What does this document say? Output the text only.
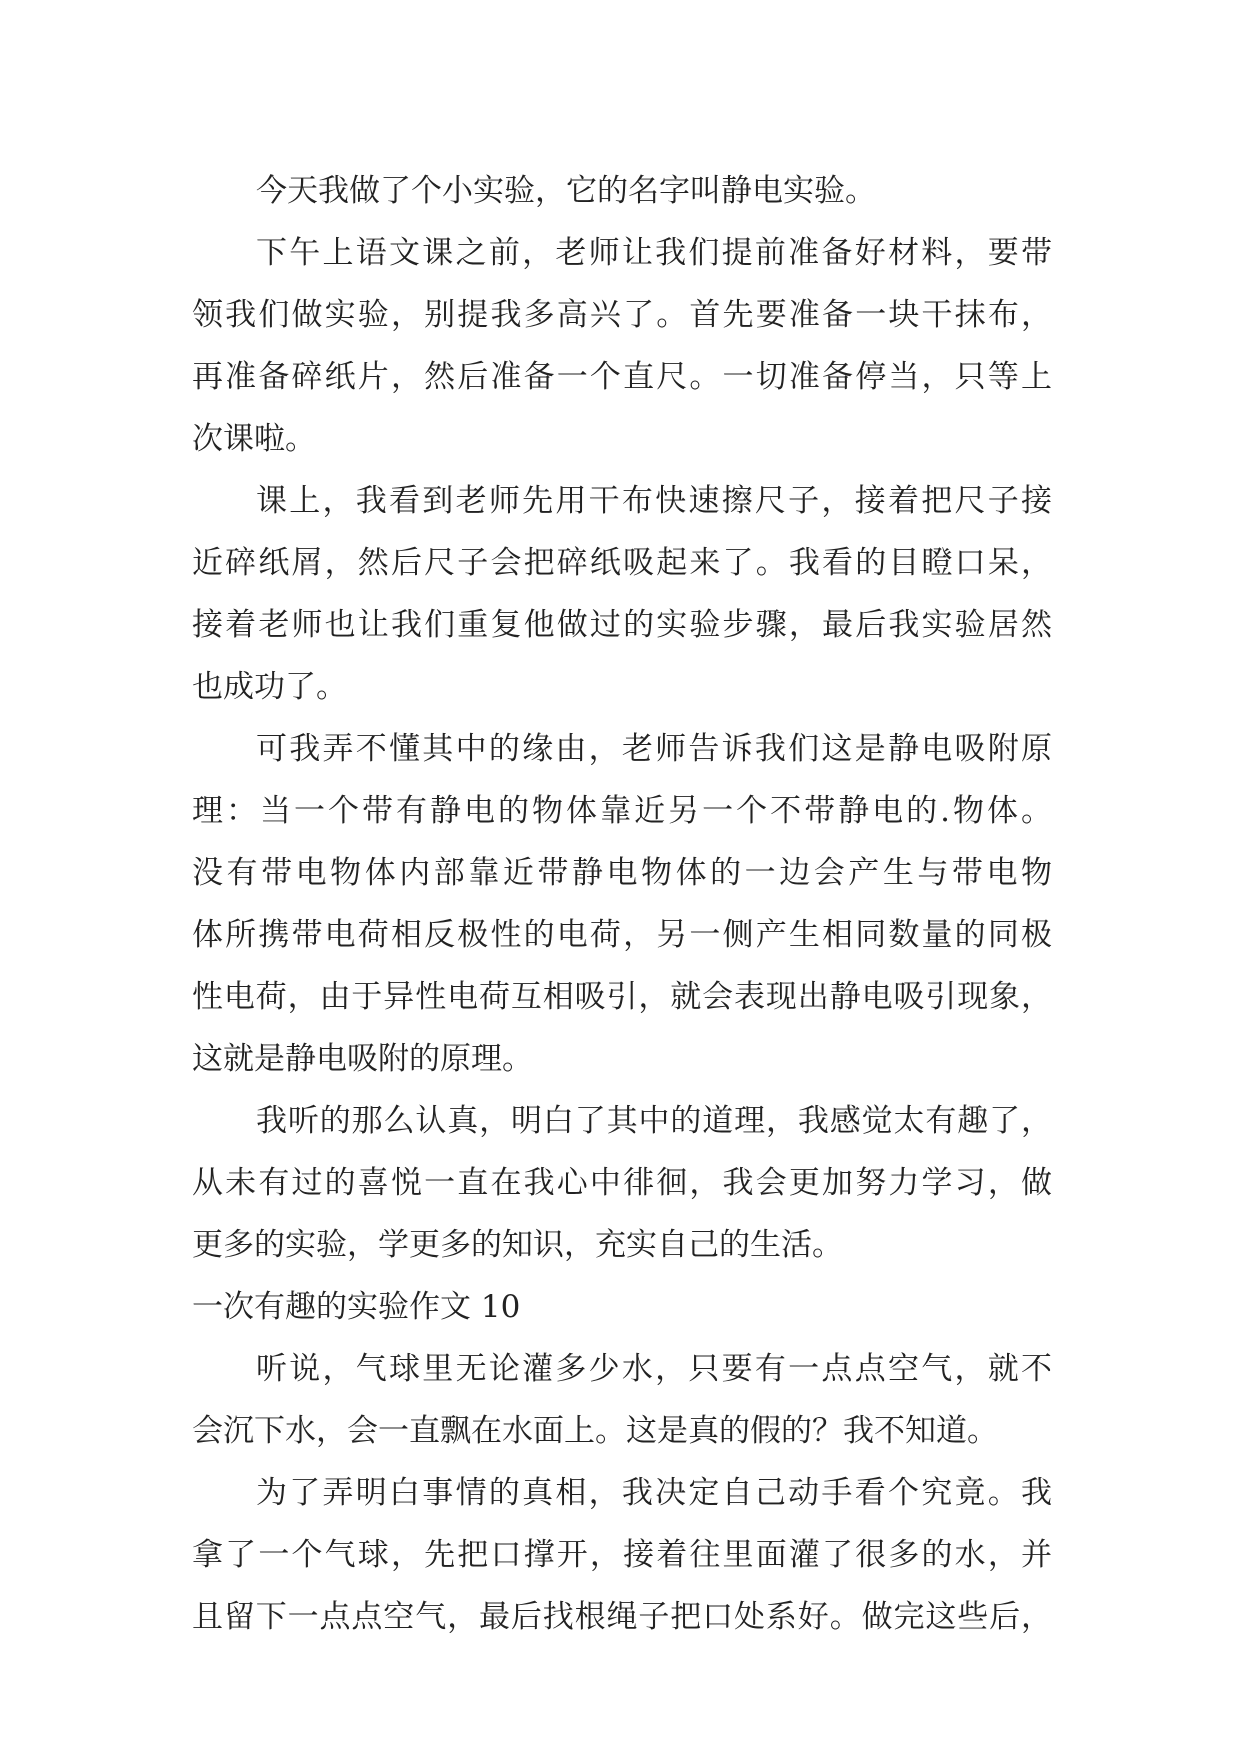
今天我做了个小实验，它的名字叫静电实验。
下午上语文课之前，老师让我们提前准备好材料，要带
领我们做实验，别提我多高兴了。首先要准备一块干抹布，
再准备碎纸片，然后准备一个直尺。一切准备停当，只等上
次课啦。
课上，我看到老师先用干布快速擦尺子，接着把尺子接
近碎纸屑，然后尺子会把碎纸吸起来了。我看的目瞪口呆，
接着老师也让我们重复他做过的实验步骤，最后我实验居然
也成功了。
可我弄不懂其中的缘由，老师告诉我们这是静电吸附原
理：当一个带有静电的物体靠近另一个不带静电的.物体。
没有带电物体内部靠近带静电物体的一边会产生与带电物
体所携带电荷相反极性的电荷，另一侧产生相同数量的同极
性电荷，由于异性电荷互相吸引，就会表现出静电吸引现象，
这就是静电吸附的原理。
我听的那么认真，明白了其中的道理，我感觉太有趣了，
从未有过的喜悦一直在我心中徘徊，我会更加努力学习，做
更多的实验，学更多的知识，充实自己的生活。
一次有趣的实验作文 10
听说，气球里无论灌多少水，只要有一点点空气，就不
会沉下水，会一直飘在水面上。这是真的假的？我不知道。
为了弄明白事情的真相，我决定自己动手看个究竟。我
拿了一个气球，先把口撑开，接着往里面灌了很多的水，并
且留下一点点空气，最后找根绳子把口处系好。做完这些后，
